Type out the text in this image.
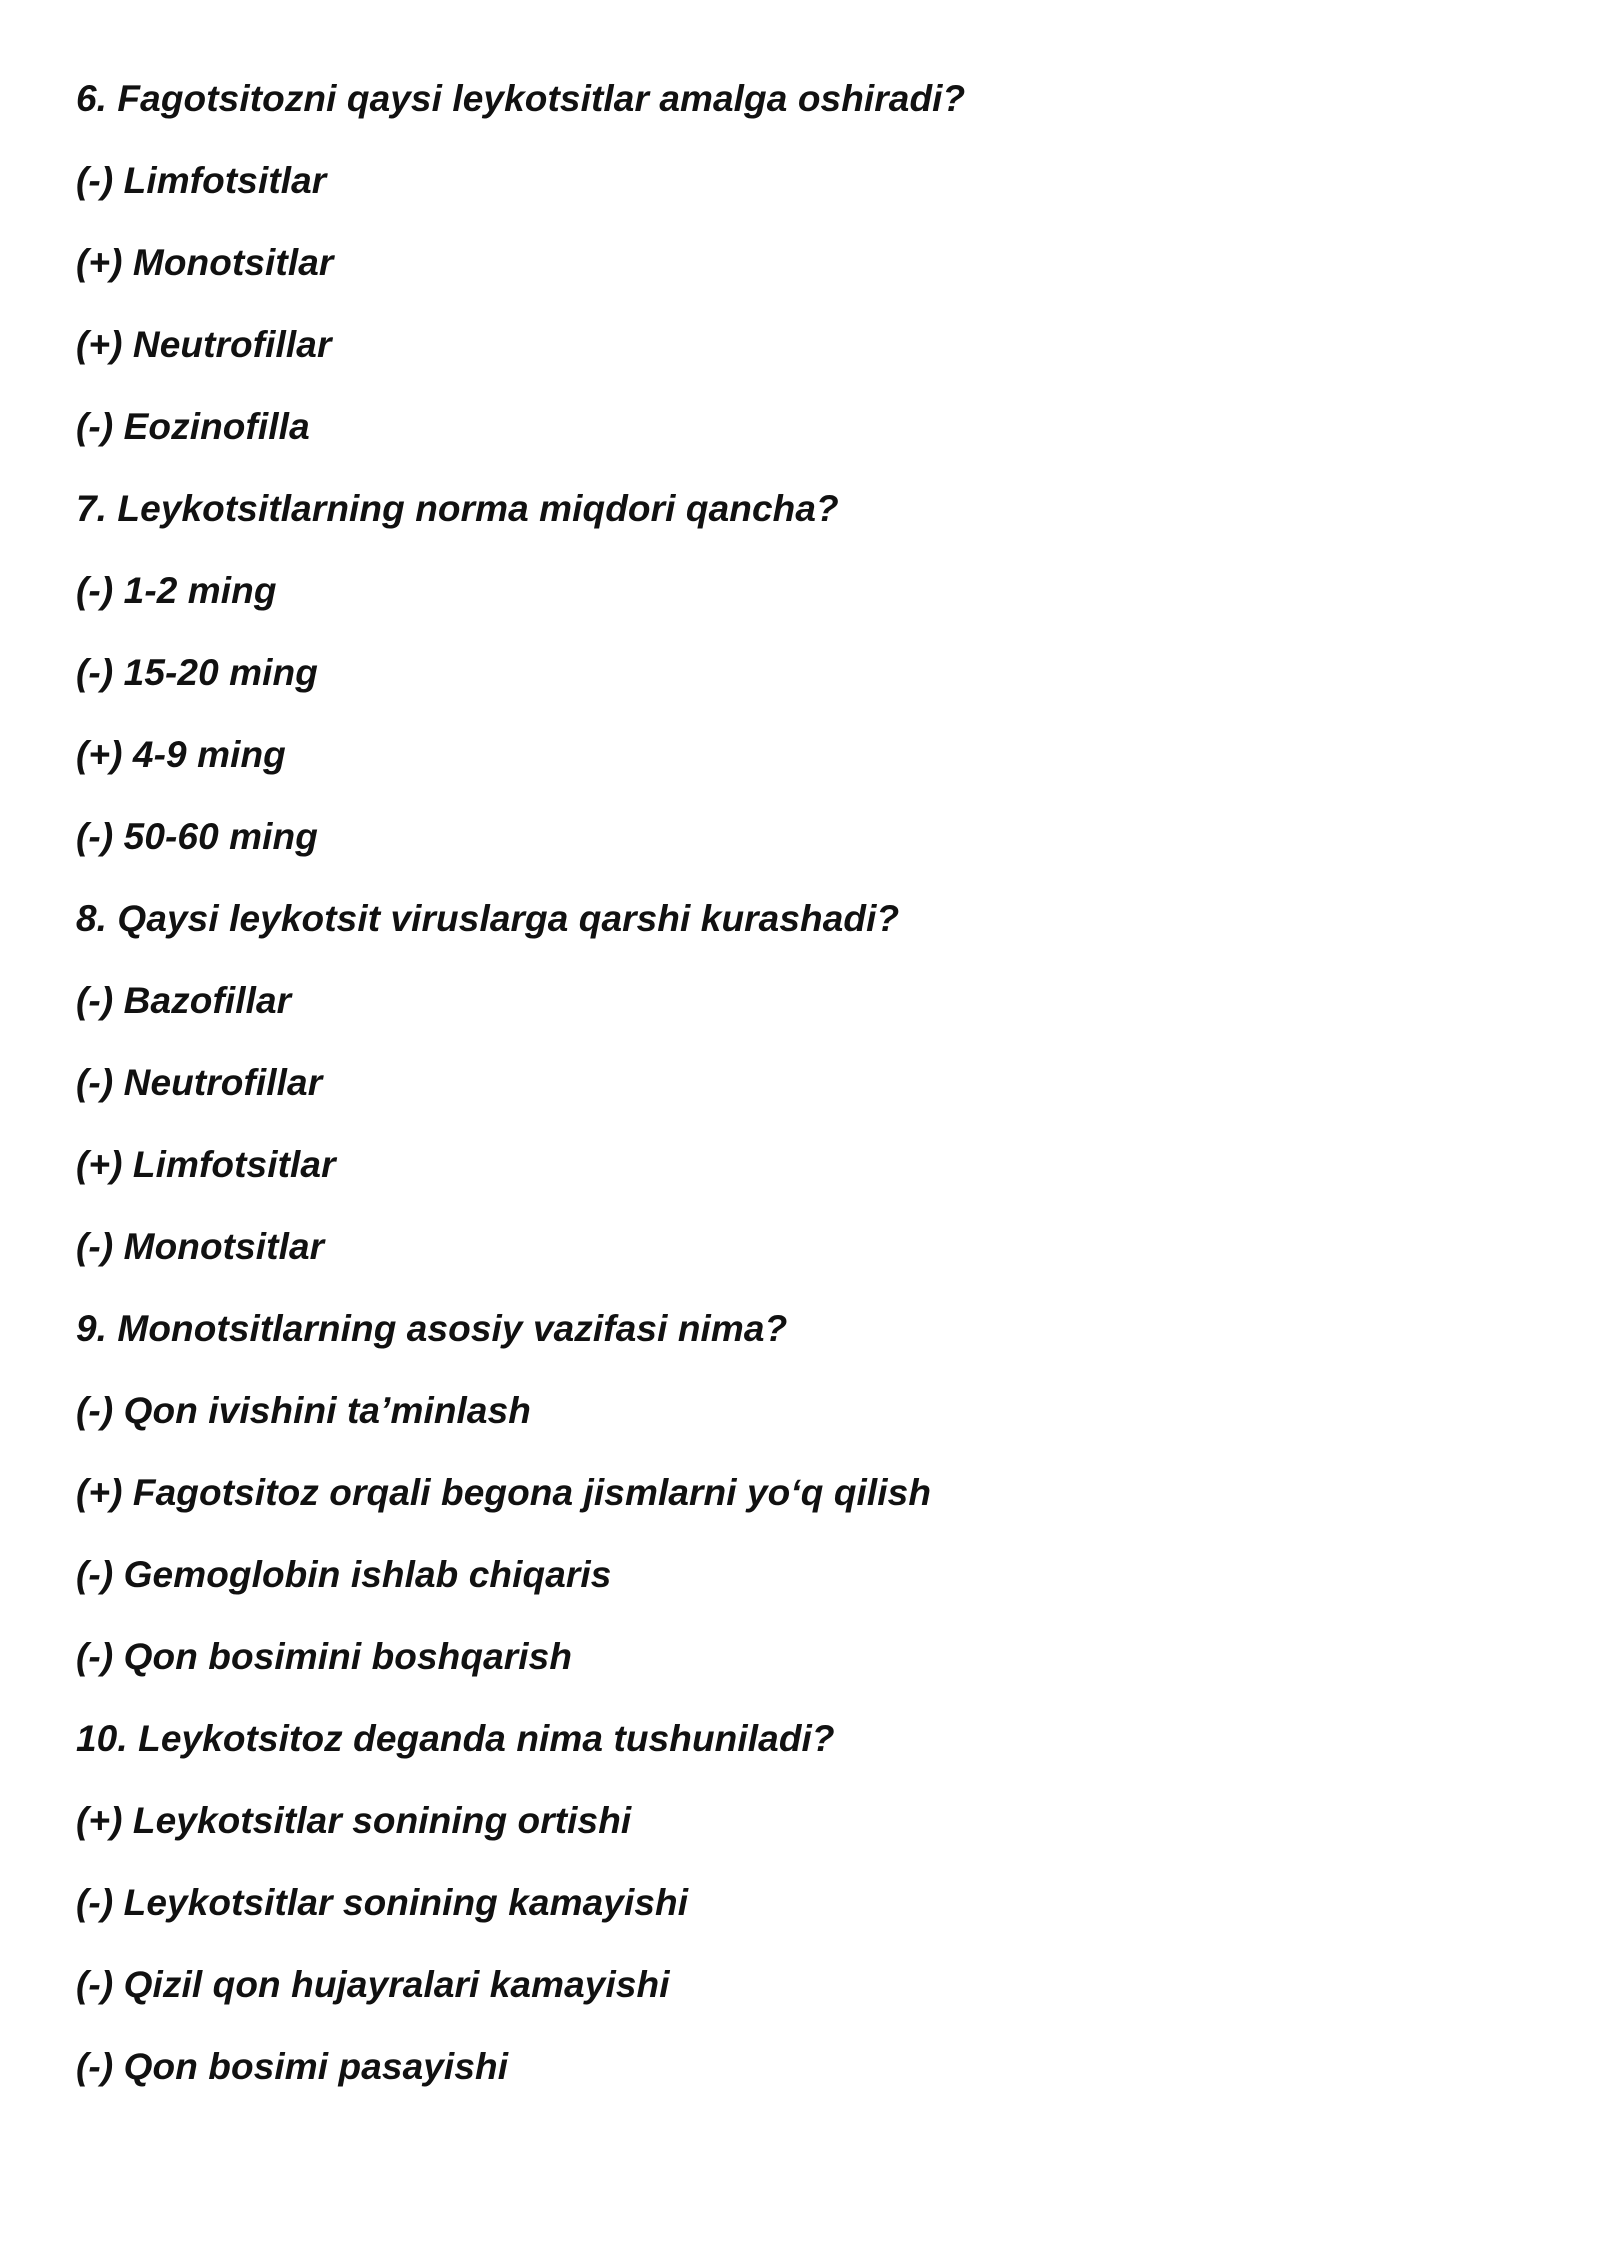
6. Fagotsitozni qaysi leykotsitlar amalga oshiradi?
(-) Limfotsitlar
(+) Monotsitlar
(+) Neutrofillar
(-) Eozinofilla
7. Leykotsitlarning norma miqdori qancha?
(-) 1-2 ming
(-) 15-20 ming
(+) 4-9 ming
(-) 50-60 ming
8. Qaysi leykotsit viruslarga qarshi kurashadi?
(-) Bazofillar
(-) Neutrofillar
(+) Limfotsitlar
(-) Monotsitlar
9. Monotsitlarning asosiy vazifasi nima?
(-) Qon ivishini ta’minlash
(+) Fagotsitoz orqali begona jismlarni yo‘q qilish
(-) Gemoglobin ishlab chiqaris
(-) Qon bosimini boshqarish
10. Leykotsitoz deganda nima tushuniladi?
(+) Leykotsitlar sonining ortishi
(-) Leykotsitlar sonining kamayishi
(-) Qizil qon hujayralari kamayishi
(-) Qon bosimi pasayishi
